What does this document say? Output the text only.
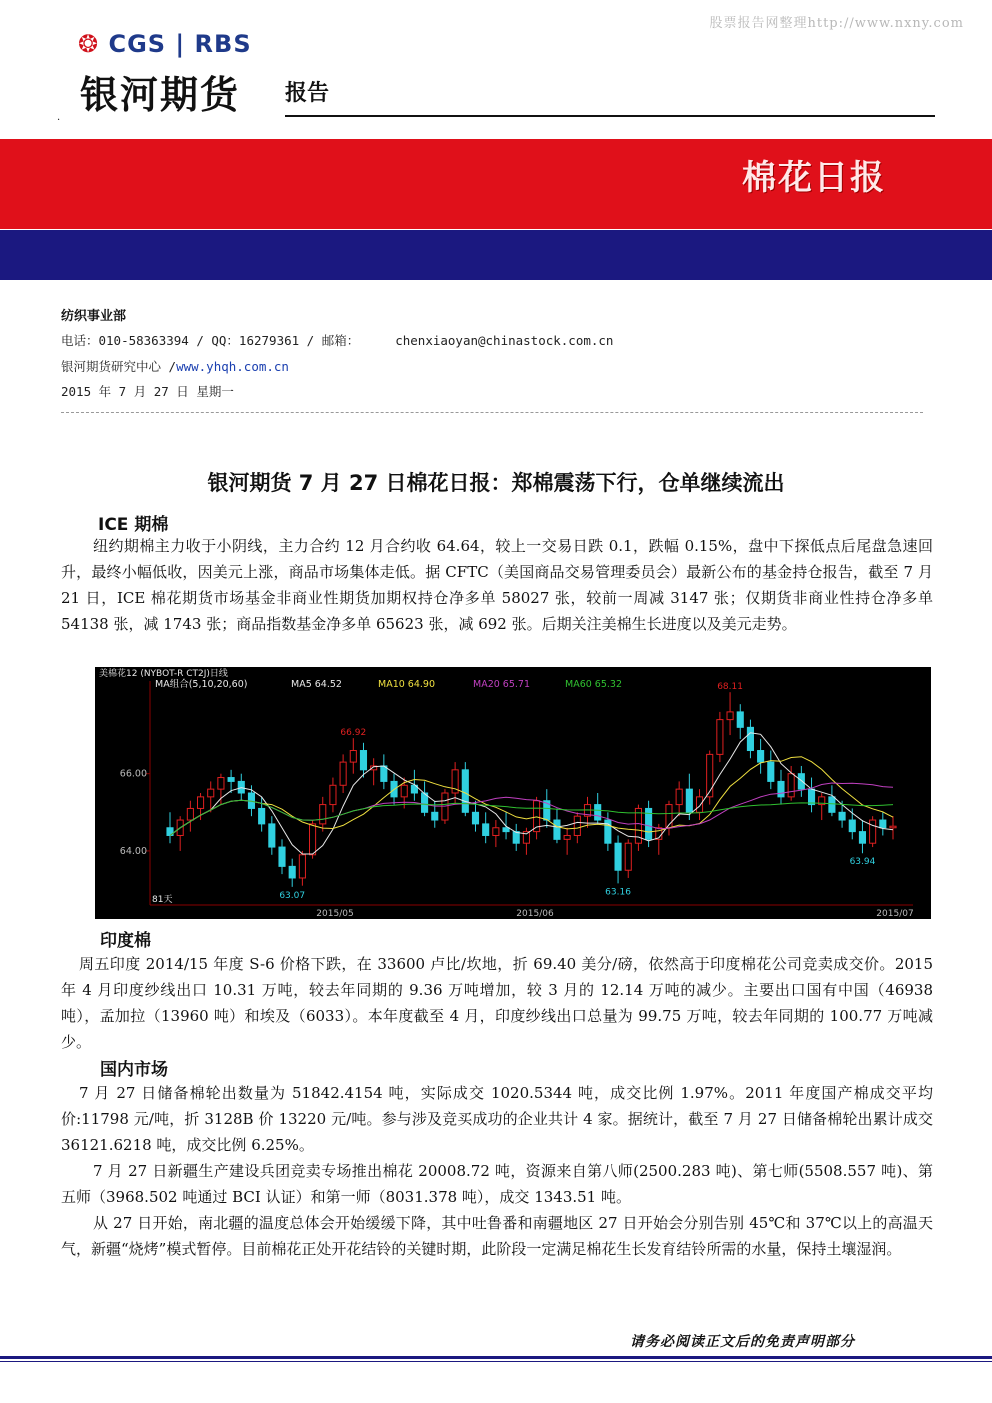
股票报告网整理http://www.nxny.com
❂ CGS | RBS
银河期货 报告
.
棉花日报
纺织事业部
电话：010-58363394 / QQ：16279361 / 邮箱：	chenxiaoyan@chinastock.com.cn
银河期货研究中心 /www.yhqh.com.cn
2015 年 7 月 27 日 星期一
银河期货 7 月 27 日棉花日报：郑棉震荡下行，仓单继续流出
ICE 期棉

纽约期棉主力收于小阴线，主力合约 12 月合约收 64.64，较上一交易日跌 0.1，跌幅 0.15%，盘中下探低点后尾盘急速回升，最终小幅低收，因美元上涨，商品市场集体走低。据 CFTC（美国商品交易管理委员会）最新公布的基金持仓报告，截至 7 月 21 日，ICE 棉花期货市场基金非商业性期货加期权持仓净多单 58027 张，较前一周减 3147 张；仅期货非商业性持仓净多单 54138 张，减 1743 张；商品指数基金净多单 65623 张，减 692 张。后期关注美棉生长进度以及美元走势。

美棉花12 (NYBOT-R CT2J)日线
MA组合(5,10,20,60)	MA5 64.52	MA10 64.90	MA20 65.71	MA60 65.32
66.00
64.00
2015/05	2015/06	2015/07
81天
66.92
63.07	63.16
68.11
63.94
印度棉

周五印度 2014/15 年度 S-6 价格下跌，在 33600 卢比/坎地，折 69.40 美分/磅，依然高于印度棉花公司竞卖成交价。2015 年 4 月印度纱线出口 10.31 万吨，较去年同期的 9.36 万吨增加，较 3 月的 12.14 万吨的减少。主要出口国有中国（46938 吨），孟加拉（13960 吨）和埃及（6033）。本年度截至 4 月，印度纱线出口总量为 99.75 万吨，较去年同期的 100.77 万吨减少。

国内市场

7 月 27 日储备棉轮出数量为 51842.4154 吨，实际成交 1020.5344 吨，成交比例 1.97%。2011 年度国产棉成交平均价:11798 元/吨，折 3128B 价 13220 元/吨。参与涉及竞买成功的企业共计 4 家。据统计，截至 7 月 27 日储备棉轮出累计成交 36121.6218 吨，成交比例 6.25%。

7 月 27 日新疆生产建设兵团竞卖专场推出棉花 20008.72 吨，资源来自第八师(2500.283 吨)、第七师(5508.557 吨)、第五师（3968.502 吨通过 BCI 认证）和第一师（8031.378 吨），成交 1343.51 吨。

从 27 日开始，南北疆的温度总体会开始缓缓下降，其中吐鲁番和南疆地区 27 日开始会分别告别 45℃和 37℃以上的高温天气，新疆“烧烤”模式暂停。目前棉花正处开花结铃的关键时期，此阶段一定满足棉花生长发育结铃所需的水量，保持土壤湿润。

请务必阅读正文后的免责声明部分
